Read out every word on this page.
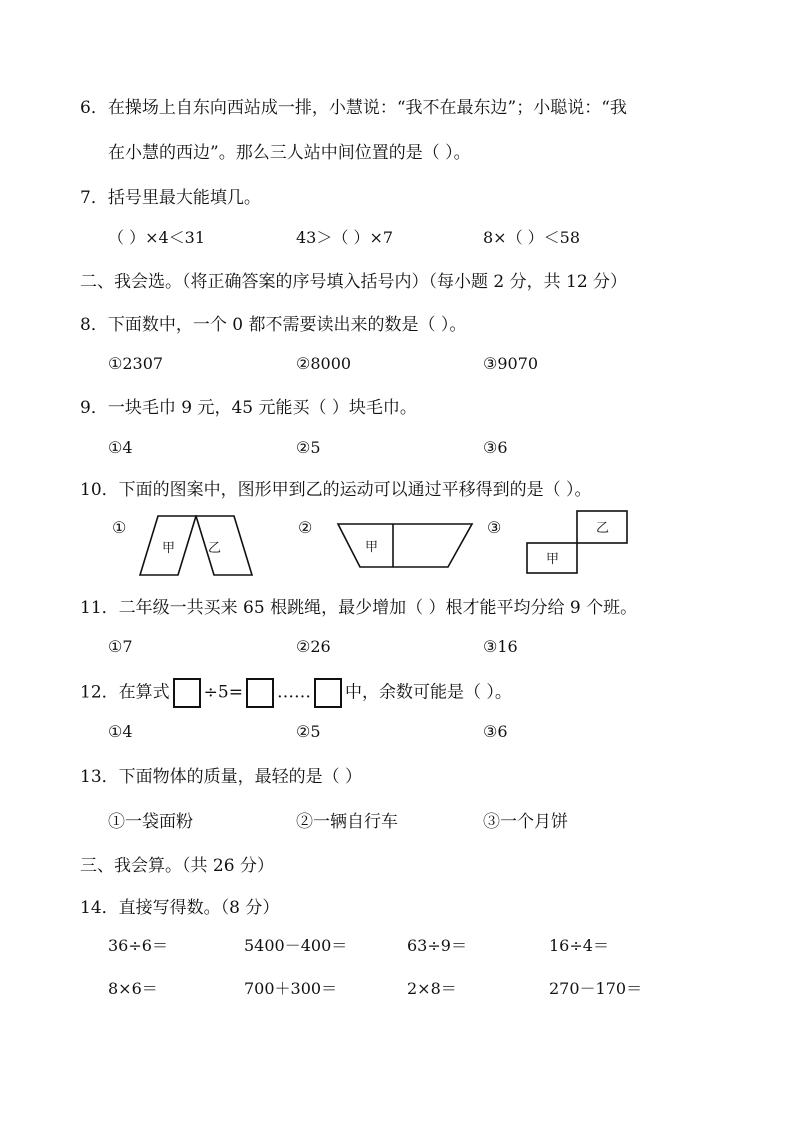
6．在操场上自东向西站成一排，小慧说：“我不在最东边”；小聪说：“我
在小慧的西边”。那么三人站中间位置的是（ ）。
7．括号里最大能填几。
（ ）×4＜31	43＞（ ）×7	8×（ ）＜58
二、我会选。（将正确答案的序号填入括号内）（每小题 2 分，共 12 分）
8．下面数中，一个 0 都不需要读出来的数是（ ）。
①2307	②8000	③9070
9．一块毛巾 9 元，45 元能买（ ）块毛巾。
①4	②5	③6
10．下面的图案中，图形甲到乙的运动可以通过平移得到的是（ ）。
①	②	③
甲	乙	甲
甲
乙
11．二年级一共买来 65 根跳绳，最少增加（ ）根才能平均分给 9 个班。
①7	②26	③16
12．在算式 ÷5= …… 中，余数可能是（ ）。
①4	②5	③6
13．下面物体的质量，最轻的是（ ）
①一袋面粉	②一辆自行车	③一个月饼
三、我会算。（共 26 分）
14．直接写得数。（8 分）
36÷6＝	5400－400＝	63÷9＝	16÷4＝
8×6＝	700＋300＝	2×8＝	270－170＝
